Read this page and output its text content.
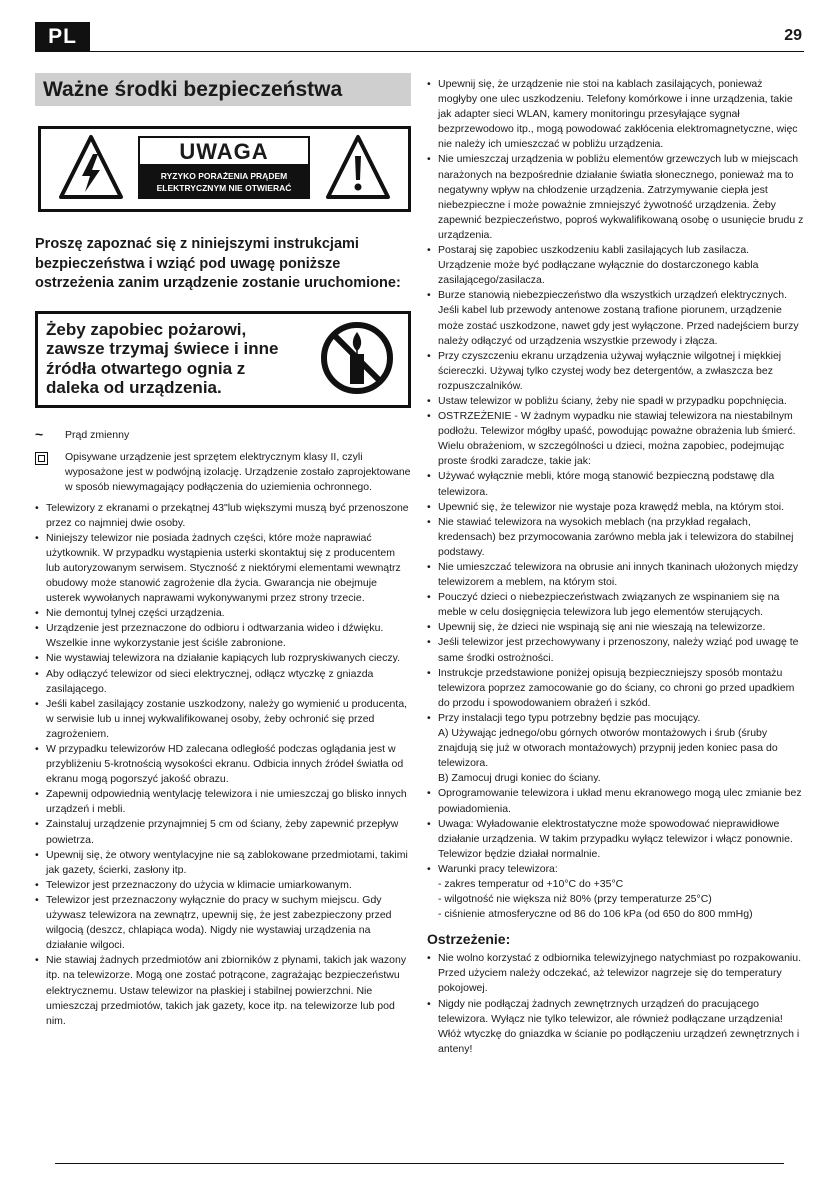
PL	29
Ważne środki bezpieczeństwa
UWAGA
RYZYKO PORAŻENIA PRĄDEM
ELEKTRYCZNYM NIE OTWIERAĆ
Proszę zapoznać się z niniejszymi instrukcjami bezpieczeństwa i wziąć pod uwagę poniższe ostrzeżenia zanim urządzenie zostanie uruchomione:
Żeby zapobiec pożarowi, zawsze trzymaj świece i inne źródła otwartego ognia z daleka od urządzenia.
~	Prąd zmienny
Opisywane urządzenie jest sprzętem elektrycznym klasy II, czyli wyposażone jest w podwójną izolację. Urządzenie zostało zaprojektowane w sposób niewymagający podłączenia do uziemienia ochronnego.
• Telewizory z ekranami o przekątnej 43"lub większymi muszą być przenoszone przez co najmniej dwie osoby.
• Niniejszy telewizor nie posiada żadnych części, które może naprawiać użytkownik. W przypadku wystąpienia usterki skontaktuj się z producentem lub autoryzowanym serwisem. Styczność z niektórymi elementami wewnątrz obudowy może stanowić zagrożenie dla życia. Gwarancja nie obejmuje usterek wywołanych naprawami wykonywanymi przez strony trzecie.
• Nie demontuj tylnej części urządzenia.
• Urządzenie jest przeznaczone do odbioru i odtwarzania wideo i dźwięku. Wszelkie inne wykorzystanie jest ściśle zabronione.
• Nie wystawiaj telewizora na działanie kapiących lub rozpryskiwanych cieczy.
• Aby odłączyć telewizor od sieci elektrycznej, odłącz wtyczkę z gniazda zasilającego.
• Jeśli kabel zasilający zostanie uszkodzony, należy go wymienić u producenta, w serwisie lub u innej wykwalifikowanej osoby, żeby ochronić się przed zagrożeniem.
• W przypadku telewizorów HD zalecana odległość podczas oglądania jest w przybliżeniu 5-krotnością wysokości ekranu. Odbicia innych źródeł światła od ekranu mogą pogorszyć jakość obrazu.
• Zapewnij odpowiednią wentylację telewizora i nie umieszczaj go blisko innych urządzeń i mebli.
• Zainstaluj urządzenie przynajmniej 5 cm od ściany, żeby zapewnić przepływ powietrza.
• Upewnij się, że otwory wentylacyjne nie są zablokowane przedmiotami, takimi jak gazety, ścierki, zasłony itp.
• Telewizor jest przeznaczony do użycia w klimacie umiarkowanym.
• Telewizor jest przeznaczony wyłącznie do pracy w suchym miejscu. Gdy używasz telewizora na zewnątrz, upewnij się, że jest zabezpieczony przed wilgocią (deszcz, chlapiąca woda). Nigdy nie wystawiaj urządzenia na działanie wilgoci.
• Nie stawiaj żadnych przedmiotów ani zbiorników z płynami, takich jak wazony itp. na telewizorze. Mogą one zostać potrącone, zagrażając bezpieczeństwu elektrycznemu. Ustaw telewizor na płaskiej i stabilnej powierzchni. Nie umieszczaj przedmiotów, takich jak gazety, koce itp. na telewizorze lub pod nim.
• Upewnij się, że urządzenie nie stoi na kablach zasilających, ponieważ mogłyby one ulec uszkodzeniu. Telefony komórkowe i inne urządzenia, takie jak adapter sieci WLAN, kamery monitoringu przesyłające sygnał bezprzewodowo itp., mogą powodować zakłócenia elektromagnetyczne, więc nie należy ich umieszczać w pobliżu urządzenia.
• Nie umieszczaj urządzenia w pobliżu elementów grzewczych lub w miejscach narażonych na bezpośrednie działanie światła słonecznego, ponieważ ma to negatywny wpływ na chłodzenie urządzenia. Zatrzymywanie ciepła jest niebezpieczne i może poważnie zmniejszyć żywotność urządzenia. Żeby zapewnić bezpieczeństwo, poproś wykwalifikowaną osobę o usunięcie brudu z urządzenia.
• Postaraj się zapobiec uszkodzeniu kabli zasilających lub zasilacza. Urządzenie może być podłączane wyłącznie do dostarczonego kabla zasilającego/zasilacza.
• Burze stanowią niebezpieczeństwo dla wszystkich urządzeń elektrycznych. Jeśli kabel lub przewody antenowe zostaną trafione piorunem, urządzenie może zostać uszkodzone, nawet gdy jest wyłączone. Przed nadejściem burzy należy odłączyć od urządzenia wszystkie przewody i złącza.
• Przy czyszczeniu ekranu urządzenia używaj wyłącznie wilgotnej i miękkiej ściereczki. Używaj tylko czystej wody bez detergentów, a zwłaszcza bez rozpuszczalników.
• Ustaw telewizor w pobliżu ściany, żeby nie spadł w przypadku popchnięcia.
• OSTRZEŻENIE - W żadnym wypadku nie stawiaj telewizora na niestabilnym podłożu. Telewizor mógłby upaść, powodując poważne obrażenia lub śmierć. Wielu obrażeniom, w szczególności u dzieci, można zapobiec, podejmując proste środki zaradcze, takie jak:
• Używać wyłącznie mebli, które mogą stanowić bezpieczną podstawę dla telewizora.
• Upewnić się, że telewizor nie wystaje poza krawędź mebla, na którym stoi.
• Nie stawiać telewizora na wysokich meblach (na przykład regałach, kredensach) bez przymocowania zarówno mebla jak i telewizora do stabilnej podstawy.
• Nie umieszczać telewizora na obrusie ani innych tkaninach ułożonych między telewizorem a meblem, na którym stoi.
• Pouczyć dzieci o niebezpieczeństwach związanych ze wspinaniem się na meble w celu dosięgnięcia telewizora lub jego elementów sterujących.
• Upewnij się, że dzieci nie wspinają się ani nie wieszają na telewizorze.
• Jeśli telewizor jest przechowywany i przenoszony, należy wziąć pod uwagę te same środki ostrożności.
• Instrukcje przedstawione poniżej opisują bezpieczniejszy sposób montażu telewizora poprzez zamocowanie go do ściany, co chroni go przed upadkiem do przodu i spowodowaniem obrażeń i szkód.
• Przy instalacji tego typu potrzebny będzie pas mocujący.
A) Używając jednego/obu górnych otworów montażowych i śrub (śruby znajdują się już w otworach montażowych) przypnij jeden koniec pasa do telewizora.
B) Zamocuj drugi koniec do ściany.
• Oprogramowanie telewizora i układ menu ekranowego mogą ulec zmianie bez powiadomienia.
• Uwaga: Wyładowanie elektrostatyczne może spowodować nieprawidłowe działanie urządzenia. W takim przypadku wyłącz telewizor i włącz ponownie. Telewizor będzie działał normalnie.
• Warunki pracy telewizora:
- zakres temperatur od +10°C do +35°C
- wilgotność nie większa niż 80% (przy temperaturze 25°C)
- ciśnienie atmosferyczne od 86 do 106 kPa (od 650 do 800 mmHg)
Ostrzeżenie:
• Nie wolno korzystać z odbiornika telewizyjnego natychmiast po rozpakowaniu. Przed użyciem należy odczekać, aż telewizor nagrzeje się do temperatury pokojowej.
• Nigdy nie podłączaj żadnych zewnętrznych urządzeń do pracującego telewizora. Wyłącz nie tylko telewizor, ale również podłączane urządzenia! Włóż wtyczkę do gniazdka w ścianie po podłączeniu urządzeń zewnętrznych i anteny!
